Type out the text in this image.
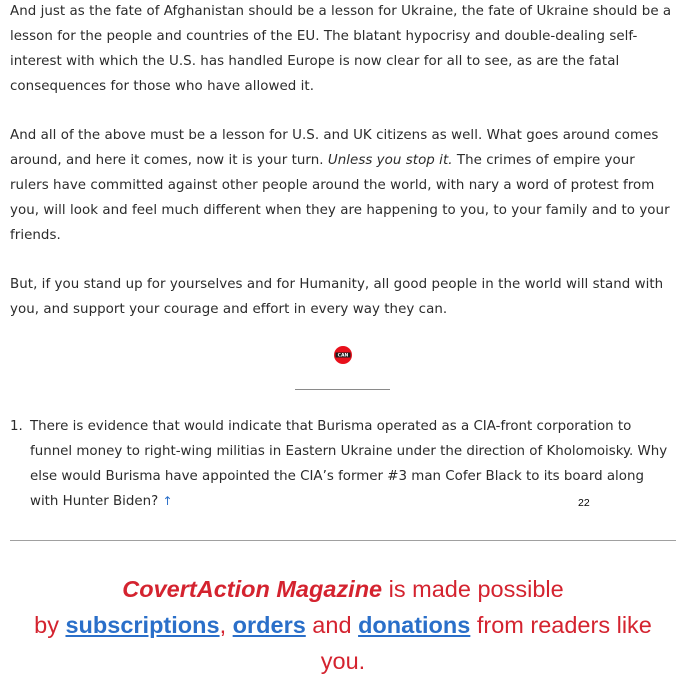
And just as the fate of Afghanistan should be a lesson for Ukraine, the fate of Ukraine should be a lesson for the people and countries of the EU. The blatant hypocrisy and double-dealing self- interest with which the U.S. has handled Europe is now clear for all to see, as are the fatal consequences for those who have allowed it.

And all of the above must be a lesson for U.S. and UK citizens as well. What goes around comes around, and here it comes, now it is your turn. Unless you stop it. The crimes of empire your rulers have committed against other people around the world, with nary a word of protest from you, will look and feel much different when they are happening to you, to your family and to your friends.

But, if you stand up for yourselves and for Humanity, all good people in the world will stand with you, and support your courage and effort in every way they can.

CAN
1. There is evidence that would indicate that Burisma operated as a CIA-front corporation to funnel money to right-wing militias in Eastern Ukraine under the direction of Kholomoisky. Why else would Burisma have appointed the CIA’s former #3 man Cofer Black to its board along with Hunter Biden? ↑	22
CovertAction Magazine is made possible
by subscriptions, orders and donations from readers like you.
